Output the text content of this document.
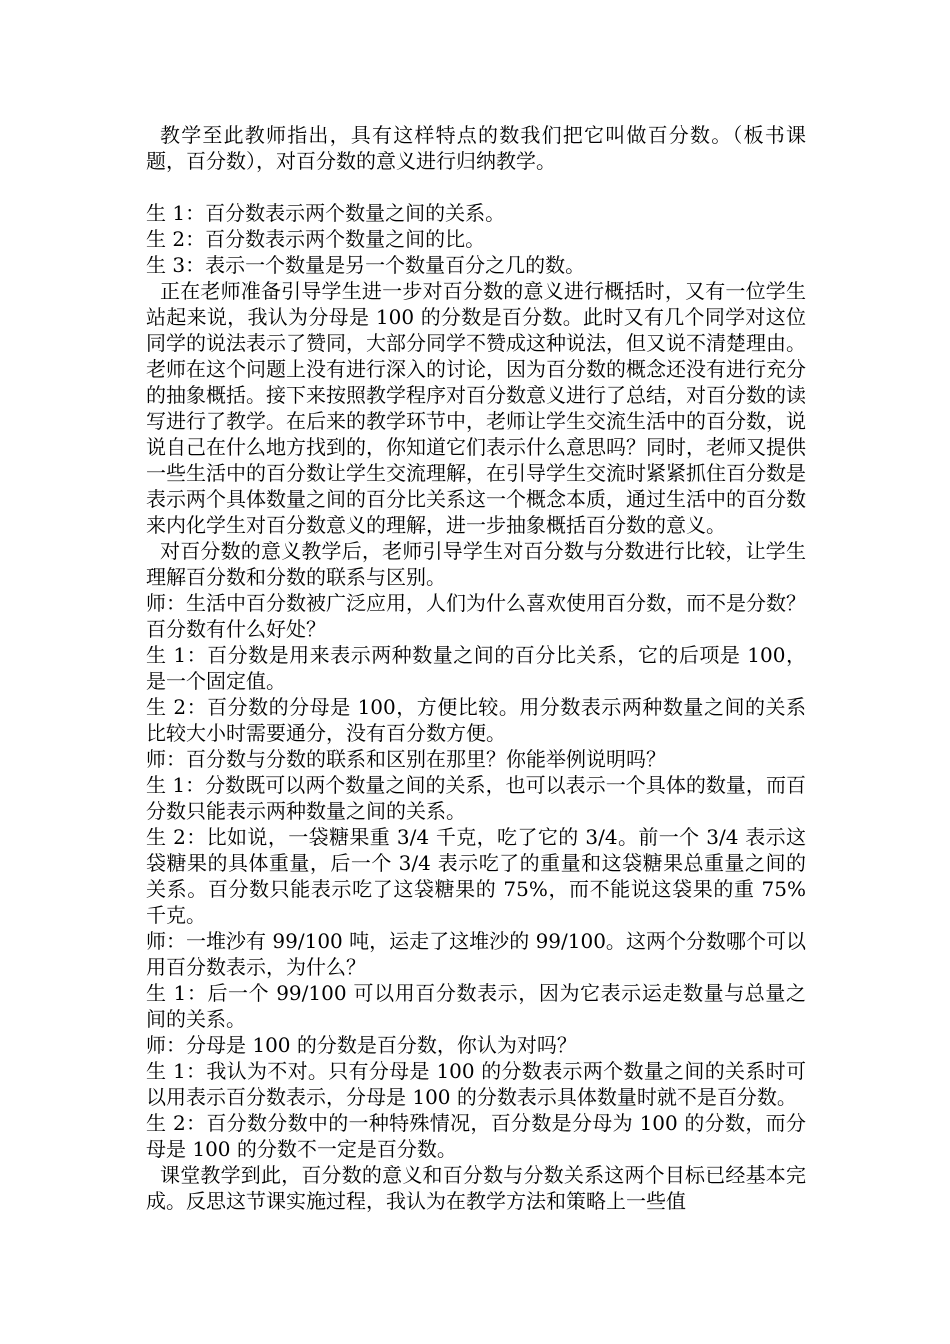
教学至此教师指出，具有这样特点的数我们把它叫做百分数。（板书课题，百分数），对百分数的意义进行归纳教学。

生 1：百分数表示两个数量之间的关系。

生 2：百分数表示两个数量之间的比。

生 3：表示一个数量是另一个数量百分之几的数。

正在老师准备引导学生进一步对百分数的意义进行概括时，又有一位学生站起来说，我认为分母是 100 的分数是百分数。此时又有几个同学对这位同学的说法表示了赞同，大部分同学不赞成这种说法，但又说不清楚理由。老师在这个问题上没有进行深入的讨论，因为百分数的概念还没有进行充分的抽象概括。接下来按照教学程序对百分数意义进行了总结，对百分数的读写进行了教学。在后来的教学环节中，老师让学生交流生活中的百分数，说说自己在什么地方找到的，你知道它们表示什么意思吗？同时，老师又提供一些生活中的百分数让学生交流理解，在引导学生交流时紧紧抓住百分数是表示两个具体数量之间的百分比关系这一个概念本质，通过生活中的百分数来内化学生对百分数意义的理解，进一步抽象概括百分数的意义。

对百分数的意义教学后，老师引导学生对百分数与分数进行比较，让学生理解百分数和分数的联系与区别。

师：生活中百分数被广泛应用，人们为什么喜欢使用百分数，而不是分数？百分数有什么好处？

生 1：百分数是用来表示两种数量之间的百分比关系，它的后项是 100，是一个固定值。

生 2：百分数的分母是 100，方便比较。用分数表示两种数量之间的关系比较大小时需要通分，没有百分数方便。

师：百分数与分数的联系和区别在那里？你能举例说明吗？

生 1：分数既可以两个数量之间的关系，也可以表示一个具体的数量，而百分数只能表示两种数量之间的关系。

生 2：比如说，一袋糖果重 3/4 千克，吃了它的 3/4。前一个 3/4 表示这袋糖果的具体重量，后一个 3/4 表示吃了的重量和这袋糖果总重量之间的关系。百分数只能表示吃了这袋糖果的 75%，而不能说这袋果的重 75%千克。

师：一堆沙有 99/100 吨，运走了这堆沙的 99/100。这两个分数哪个可以用百分数表示，为什么？

生 1：后一个 99/100 可以用百分数表示，因为它表示运走数量与总量之间的关系。

师：分母是 100 的分数是百分数，你认为对吗？

生 1：我认为不对。只有分母是 100 的分数表示两个数量之间的关系时可以用表示百分数表示，分母是 100 的分数表示具体数量时就不是百分数。

生 2：百分数分数中的一种特殊情况，百分数是分母为 100 的分数，而分母是 100 的分数不一定是百分数。

课堂教学到此，百分数的意义和百分数与分数关系这两个目标已经基本完成。反思这节课实施过程，我认为在教学方法和策略上一些值
